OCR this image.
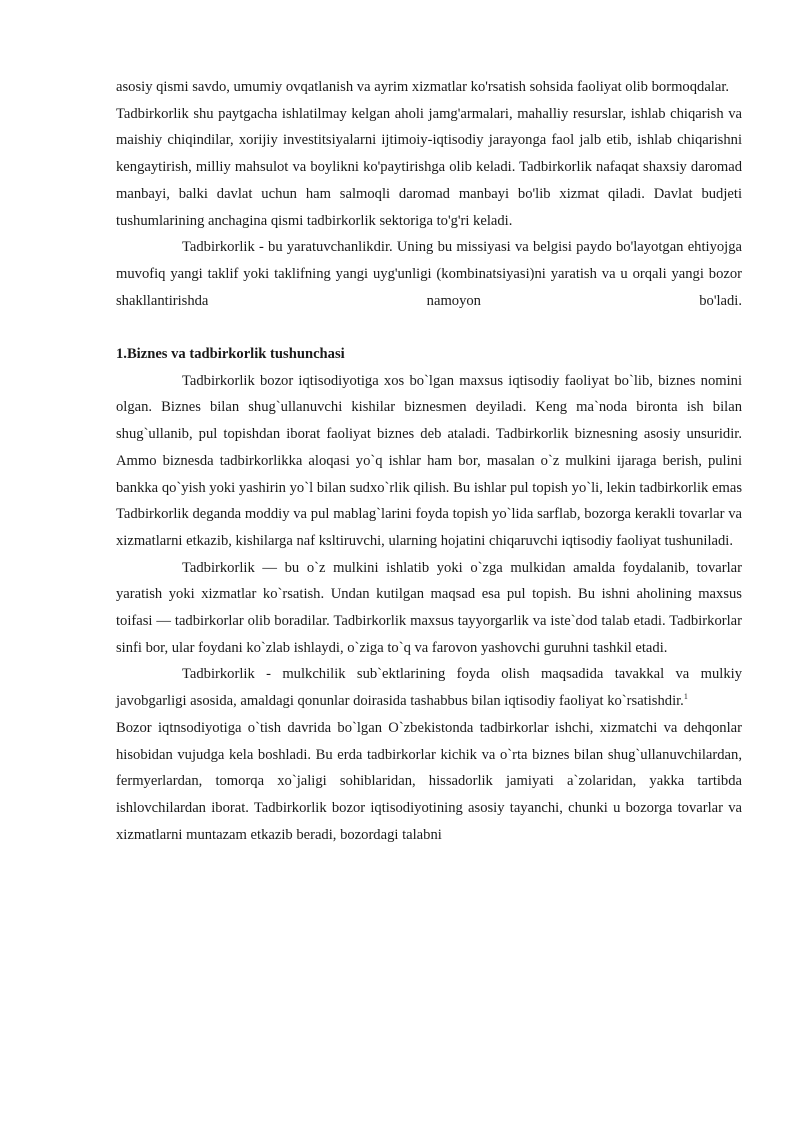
asosiy qismi savdo, umumiy ovqatlanish va ayrim xizmatlar ko'rsatish sohsida faoliyat olib bormoqdalar.

Tadbirkorlik shu paytgacha ishlatilmay kelgan aholi jamg'armalari, mahalliy resurslar, ishlab chiqarish va maishiy chiqindilar, xorijiy investitsiyalarni ijtimoiy-iqtisodiy jarayonga faol jalb etib, ishlab chiqarishni kengaytirish, milliy mahsulot va boylikni ko'paytirishga olib keladi. Tadbirkorlik nafaqat shaxsiy daromad manbayi, balki davlat uchun ham salmoqli daromad manbayi bo'lib xizmat qiladi. Davlat budjeti tushumlarining anchagina qismi tadbirkorlik sektoriga to'g'ri keladi.

Tadbirkorlik - bu yaratuvchanlikdir. Uning bu missiyasi va belgisi paydo bo'layotgan ehtiyojga muvofiq yangi taklif yoki taklifning yangi uyg'unligi (kombinatsiyasi)ni yaratish va u orqali yangi bozor shakllantirishda namoyon bo'ladi.

1.Biznes va tadbirkorlik tushunchasi

Tadbirkorlik bozor iqtisodiyotiga xos bo`lgan maxsus iqtisodiy faoliyat bo`lib, biznes nomini olgan. Biznes bilan shug`ullanuvchi kishilar biznesmen deyiladi. Keng ma`noda bironta ish bilan shug`ullanib, pul topishdan iborat faoliyat biznes deb ataladi. Tadbirkorlik biznesning asosiy unsuridir. Ammo biznesda tadbirkorlikka aloqasi yo`q ishlar ham bor, masalan o`z mulkini ijaraga berish, pulini bankka qo`yish yoki yashirin yo`l bilan sudxo`rlik qilish. Bu ishlar pul topish yo`li, lekin tadbirkorlik emas

Tadbirkorlik deganda moddiy va pul mablag`larini foyda topish yo`lida sarflab, bozorga kerakli tovarlar va xizmatlarni etkazib, kishilarga naf ksltiruvchi, ularning hojatini chiqaruvchi iqtisodiy faoliyat tushuniladi.

Tadbirkorlik — bu o`z mulkini ishlatib yoki o`zga mulkidan amalda foydalanib, tovarlar yaratish yoki xizmatlar ko`rsatish. Undan kutilgan maqsad esa pul topish. Bu ishni aholining maxsus toifasi — tadbirkorlar olib boradilar. Tadbirkorlik maxsus tayyorgarlik va iste`dod talab etadi. Tadbirkorlar sinfi bor, ular foydani ko`zlab ishlaydi, o`ziga to`q va farovon yashovchi guruhni tashkil etadi.

Tadbirkorlik - mulkchilik sub`ektlarining foyda olish maqsadida tavakkal va mulkiy javobgarligi asosida, amaldagi qonunlar doirasida tashabbus bilan iqtisodiy faoliyat ko`rsatishdir.$^1$

Bozor iqtnsodiyotiga o`tish davrida bo`lgan O`zbekistonda tadbirkorlar ishchi, xizmatchi va dehqonlar hisobidan vujudga kela boshladi. Bu erda tadbirkorlar kichik va o`rta biznes bilan shug`ullanuvchilardan, fermyerlardan, tomorqa xo`jaligi sohiblaridan, hissadorlik jamiyati a`zolaridan, yakka tartibda ishlovchilardan iborat. Tadbirkorlik bozor iqtisodiyotining asosiy tayanchi, chunki u bozorga tovarlar va xizmatlarni muntazam etkazib beradi, bozordagi talabni
